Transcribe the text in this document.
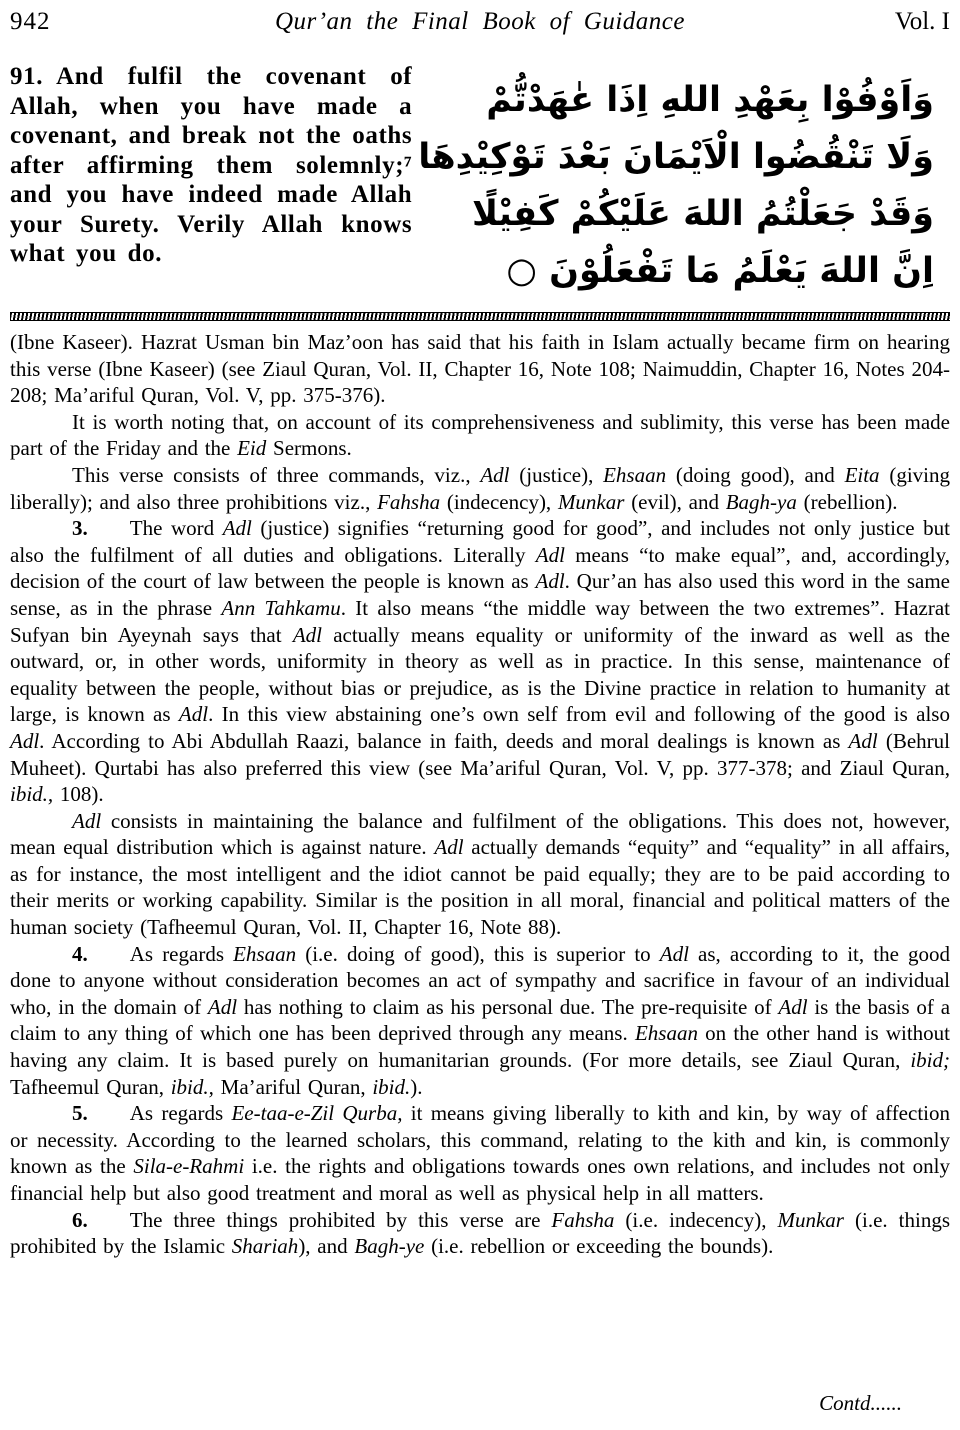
942	Qur’an the Final Book of Guidance	Vol. I
91. And fulfil the covenant of Allah, when you have made a covenant, and break not the oaths after affirming them solemnly;⁷ and you have indeed made Allah your Surety. Verily Allah knows what you do.
وَاَوْفُوْا بِعَهْدِ اللهِ اِذَا عٰهَدْتُّمْ
وَلَا تَنْقُضُوا الْاَيْمَانَ بَعْدَ تَوْكِيْدِهَا
وَقَدْ جَعَلْتُمُ اللهَ عَلَيْكُمْ كَفِيْلًا
اِنَّ اللهَ يَعْلَمُ مَا تَفْعَلُوْنَ ○

(Ibne Kaseer). Hazrat Usman bin Maz’oon has said that his faith in Islam actually became firm on hearing this verse (Ibne Kaseer) (see Ziaul Quran, Vol. II, Chapter 16, Note 108; Naimuddin, Chapter 16, Notes 204-208; Ma’ariful Quran, Vol. V, pp. 375-376).

It is worth noting that, on account of its comprehensiveness and sublimity, this verse has been made part of the Friday and the Eid Sermons.

This verse consists of three commands, viz., Adl (justice), Ehsaan (doing good), and Eita (giving liberally); and also three prohibitions viz., Fahsha (indecency), Munkar (evil), and Bagh-ya (rebellion).

3.  The word Adl (justice) signifies “returning good for good”, and includes not only justice but also the fulfilment of all duties and obligations. Literally Adl means “to make equal”, and, accordingly, decision of the court of law between the people is known as Adl. Qur’an has also used this word in the same sense, as in the phrase Ann Tahkamu. It also means “the middle way between the two extremes”. Hazrat Sufyan bin Ayeynah says that Adl actually means equality or uniformity of the inward as well as the outward, or, in other words, uniformity in theory as well as in practice. In this sense, maintenance of equality between the people, without bias or prejudice, as is the Divine practice in relation to humanity at large, is known as Adl. In this view abstaining one’s own self from evil and following of the good is also Adl. According to Abi Abdullah Raazi, balance in faith, deeds and moral dealings is known as Adl (Behrul Muheet). Qurtabi has also preferred this view (see Ma’ariful Quran, Vol. V, pp. 377-378; and Ziaul Quran, ibid., 108).

Adl consists in maintaining the balance and fulfilment of the obligations. This does not, however, mean equal distribution which is against nature. Adl actually demands “equity” and “equality” in all affairs, as for instance, the most intelligent and the idiot cannot be paid equally; they are to be paid according to their merits or working capability. Similar is the position in all moral, financial and political matters of the human society (Tafheemul Quran, Vol. II, Chapter 16, Note 88).

4.  As regards Ehsaan (i.e. doing of good), this is superior to Adl as, according to it, the good done to anyone without consideration becomes an act of sympathy and sacrifice in favour of an individual who, in the domain of Adl has nothing to claim as his personal due. The pre-requisite of Adl is the basis of a claim to any thing of which one has been deprived through any means. Ehsaan on the other hand is without having any claim. It is based purely on humanitarian grounds. (For more details, see Ziaul Quran, ibid; Tafheemul Quran, ibid., Ma’ariful Quran, ibid.).

5.  As regards Ee-taa-e-Zil Qurba, it means giving liberally to kith and kin, by way of affection or necessity. According to the learned scholars, this command, relating to the kith and kin, is commonly known as the Sila-e-Rahmi i.e. the rights and obligations towards ones own relations, and includes not only financial help but also good treatment and moral as well as physical help in all matters.

6.  The three things prohibited by this verse are Fahsha (i.e. indecency), Munkar (i.e. things prohibited by the Islamic Shariah), and Bagh-ye (i.e. rebellion or exceeding the bounds).

Contd......
